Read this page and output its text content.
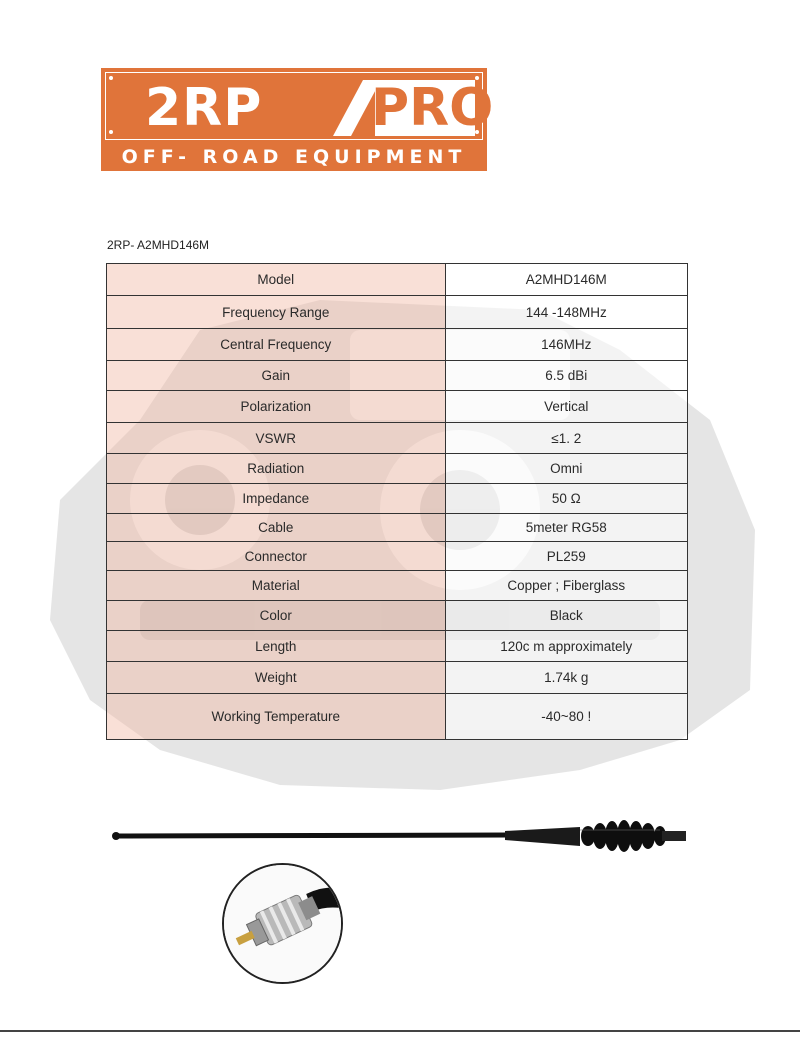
2RP PRO
OFF- ROAD EQUIPMENT
2RP- A2MHD146M
Model	A2MHD146M
Frequency Range	144 -148MHz
Central Frequency	146MHz
Gain	6.5 dBi
Polarization	Vertical
VSWR	≤1. 2
Radiation	Omni
Impedance	50 Ω
Cable	5meter RG58
Connector	PL259
Material	Copper ; Fiberglass
Color	Black
Length	120c m approximately
Weight	1.74k g
Working Temperature	-40~80 !
